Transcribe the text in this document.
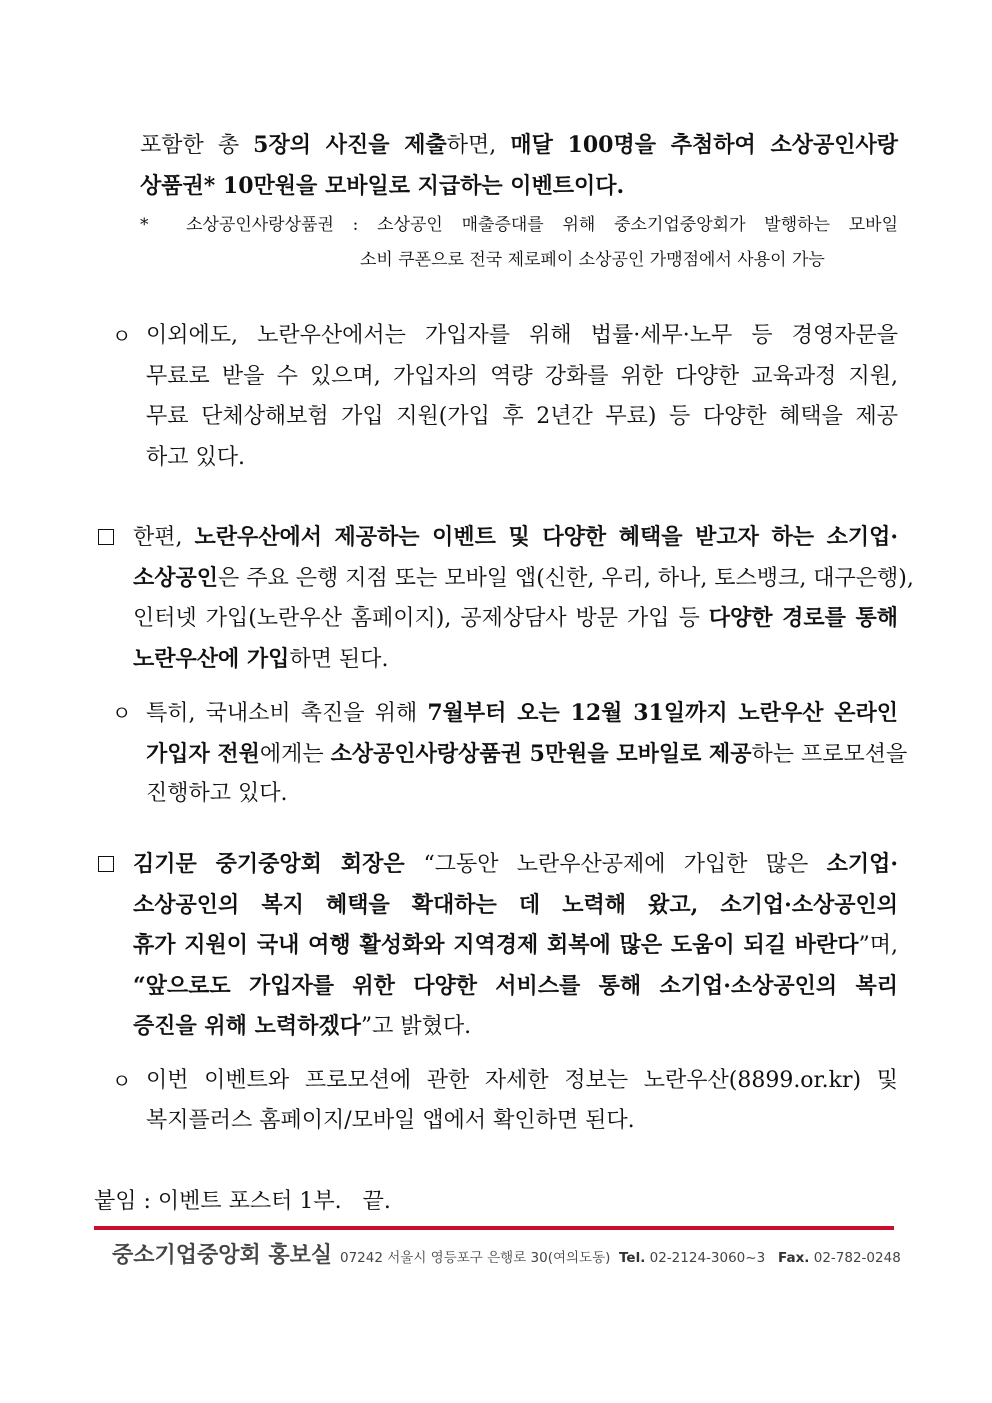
포함한 총 5장의 사진을 제출하면, 매달 100명을 추첨하여 소상공인사랑
상품권* 10만원을 모바일로 지급하는 이벤트이다.
* 소상공인사랑상품권 : 소상공인 매출증대를 위해 중소기업중앙회가 발행하는 모바일
소비 쿠폰으로 전국 제로페이 소상공인 가맹점에서 사용이 가능
ㅇ 이외에도, 노란우산에서는 가입자를 위해 법률·세무·노무 등 경영자문을
무료로 받을 수 있으며, 가입자의 역량 강화를 위한 다양한 교육과정 지원,
무료 단체상해보험 가입 지원(가입 후 2년간 무료) 등 다양한 혜택을 제공
하고 있다.
한편, 노란우산에서 제공하는 이벤트 및 다양한 혜택을 받고자 하는 소기업·
소상공인은 주요 은행 지점 또는 모바일 앱(신한, 우리, 하나, 토스뱅크, 대구은행),
인터넷 가입(노란우산 홈페이지), 공제상담사 방문 가입 등 다양한 경로를 통해
노란우산에 가입하면 된다.
ㅇ 특히, 국내소비 촉진을 위해 7월부터 오는 12월 31일까지 노란우산 온라인
가입자 전원에게는 소상공인사랑상품권 5만원을 모바일로 제공하는 프로모션을
진행하고 있다.
김기문 중기중앙회 회장은 “그동안 노란우산공제에 가입한 많은 소기업·
소상공인의 복지 혜택을 확대하는 데 노력해 왔고, 소기업·소상공인의
휴가 지원이 국내 여행 활성화와 지역경제 회복에 많은 도움이 되길 바란다”며,
“앞으로도 가입자를 위한 다양한 서비스를 통해 소기업·소상공인의 복리
증진을 위해 노력하겠다”고 밝혔다.
ㅇ 이번 이벤트와 프로모션에 관한 자세한 정보는 노란우산(8899.or.kr) 및
복지플러스 홈페이지/모바일 앱에서 확인하면 된다.
붙임 : 이벤트 포스터 1부.   끝.
중소기업중앙회 홍보실 07242 서울시 영등포구 은행로 30(여의도동) Tel. 02-2124-3060~3 Fax. 02-782-0248
